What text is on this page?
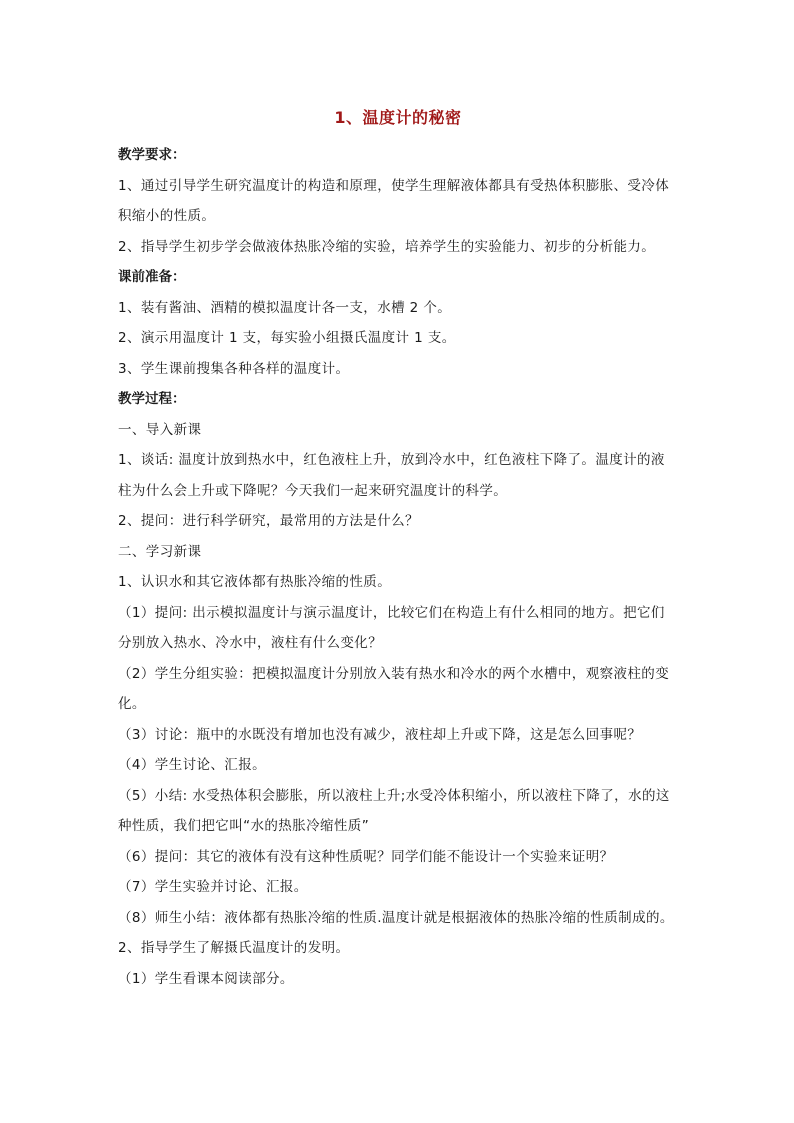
1、温度计的秘密
教学要求：
1、通过引导学生研究温度计的构造和原理，使学生理解液体都具有受热体积膨胀、受冷体积缩小的性质。
2、指导学生初步学会做液体热胀冷缩的实验，培养学生的实验能力、初步的分析能力。
课前准备：
1、装有酱油、酒精的模拟温度计各一支，水槽 2 个。
2、演示用温度计 1 支，每实验小组摄氏温度计 1 支。
3、学生课前搜集各种各样的温度计。
教学过程：
一、导入新课
1、谈话: 温度计放到热水中，红色液柱上升，放到冷水中，红色液柱下降了。温度计的液柱为什么会上升或下降呢？今天我们一起来研究温度计的科学。
2、提问：进行科学研究，最常用的方法是什么？
二、学习新课
1、认识水和其它液体都有热胀冷缩的性质。
（1）提问: 出示模拟温度计与演示温度计，比较它们在构造上有什么相同的地方。把它们分别放入热水、冷水中，液柱有什么变化？
（2）学生分组实验：把模拟温度计分别放入装有热水和冷水的两个水槽中，观察液柱的变化。
（3）讨论：瓶中的水既没有增加也没有减少，液柱却上升或下降，这是怎么回事呢？
（4）学生讨论、汇报。
（5）小结: 水受热体积会膨胀，所以液柱上升;水受冷体积缩小，所以液柱下降了，水的这种性质，我们把它叫“水的热胀冷缩性质”
（6）提问：其它的液体有没有这种性质呢？同学们能不能设计一个实验来证明？
（7）学生实验并讨论、汇报。
（8）师生小结：液体都有热胀冷缩的性质.温度计就是根据液体的热胀冷缩的性质制成的。
2、指导学生了解摄氏温度计的发明。
（1）学生看课本阅读部分。
